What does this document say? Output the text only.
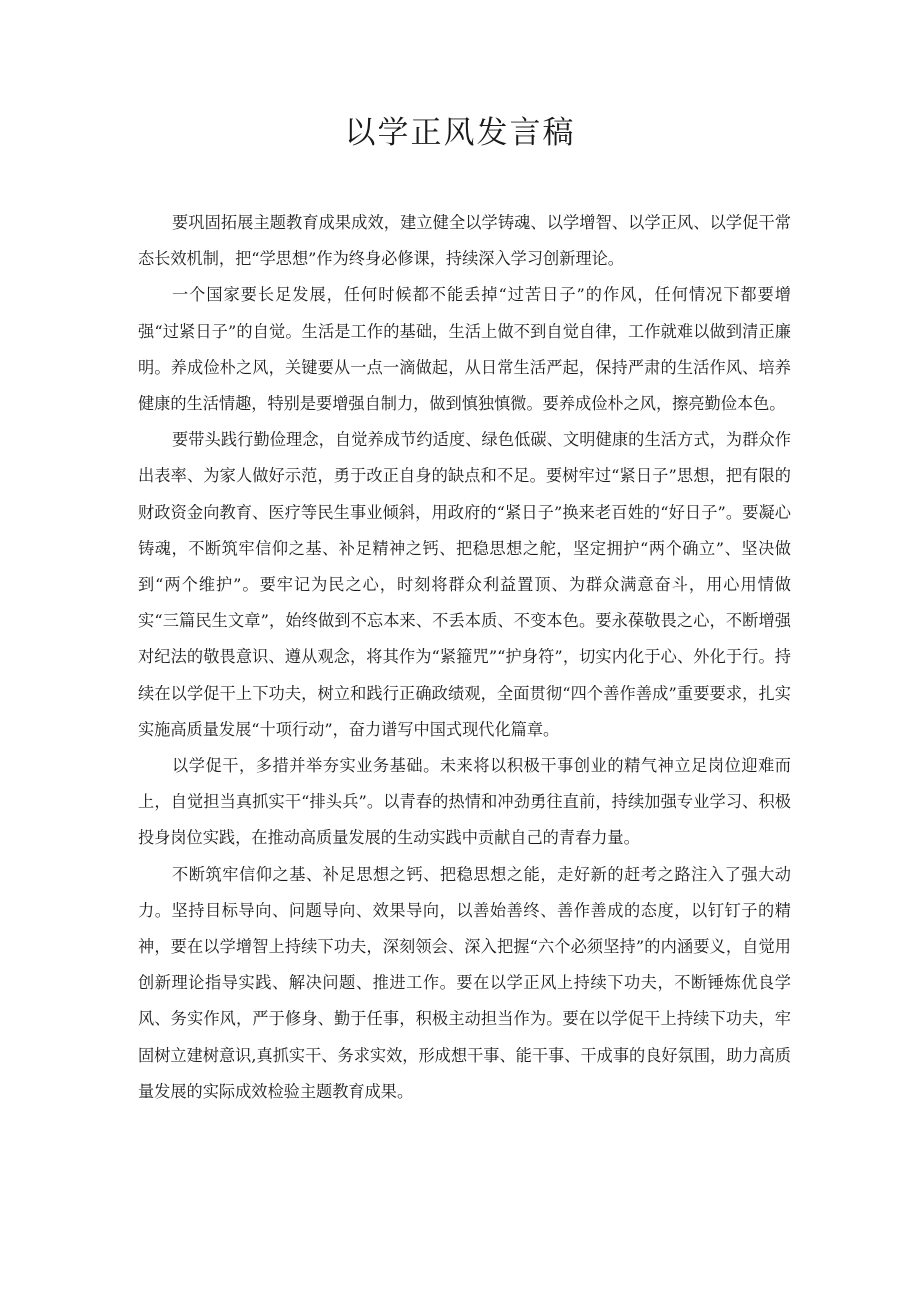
以学正风发言稿

要巩固拓展主题教育成果成效，建立健全以学铸魂、以学增智、以学正风、以学促干常态长效机制，把“学思想”作为终身必修课，持续深入学习创新理论。

一个国家要长足发展，任何时候都不能丢掉“过苦日子”的作风，任何情况下都要增强“过紧日子”的自觉。生活是工作的基础，生活上做不到自觉自律，工作就难以做到清正廉明。养成俭朴之风，关键要从一点一滴做起，从日常生活严起，保持严肃的生活作风、培养健康的生活情趣，特别是要增强自制力，做到慎独慎微。要养成俭朴之风，擦亮勤俭本色。

要带头践行勤俭理念，自觉养成节约适度、绿色低碳、文明健康的生活方式，为群众作出表率、为家人做好示范，勇于改正自身的缺点和不足。要树牢过“紧日子”思想，把有限的财政资金向教育、医疗等民生事业倾斜，用政府的“紧日子”换来老百姓的“好日子”。要凝心铸魂，不断筑牢信仰之基、补足精神之钙、把稳思想之舵，坚定拥护“两个确立”、坚决做到“两个维护”。要牢记为民之心，时刻将群众利益置顶、为群众满意奋斗，用心用情做实“三篇民生文章”，始终做到不忘本来、不丢本质、不变本色。要永葆敬畏之心，不断增强对纪法的敬畏意识、遵从观念，将其作为“紧箍咒”“护身符”，切实内化于心、外化于行。持续在以学促干上下功夫，树立和践行正确政绩观，全面贯彻“四个善作善成”重要要求，扎实实施高质量发展“十项行动”，奋力谱写中国式现代化篇章。

以学促干，多措并举夯实业务基础。未来将以积极干事创业的精气神立足岗位迎难而上，自觉担当真抓实干“排头兵”。以青春的热情和冲劲勇往直前，持续加强专业学习、积极投身岗位实践，在推动高质量发展的生动实践中贡献自己的青春力量。

不断筑牢信仰之基、补足思想之钙、把稳思想之能，走好新的赶考之路注入了强大动力。坚持目标导向、问题导向、效果导向，以善始善终、善作善成的态度，以钉钉子的精神，要在以学增智上持续下功夫，深刻领会、深入把握“六个必须坚持”的内涵要义，自觉用创新理论指导实践、解决问题、推进工作。要在以学正风上持续下功夫，不断锤炼优良学风、务实作风，严于修身、勤于任事，积极主动担当作为。要在以学促干上持续下功夫，牢固树立建树意识,真抓实干、务求实效，形成想干事、能干事、干成事的良好氛围，助力高质量发展的实际成效检验主题教育成果。
